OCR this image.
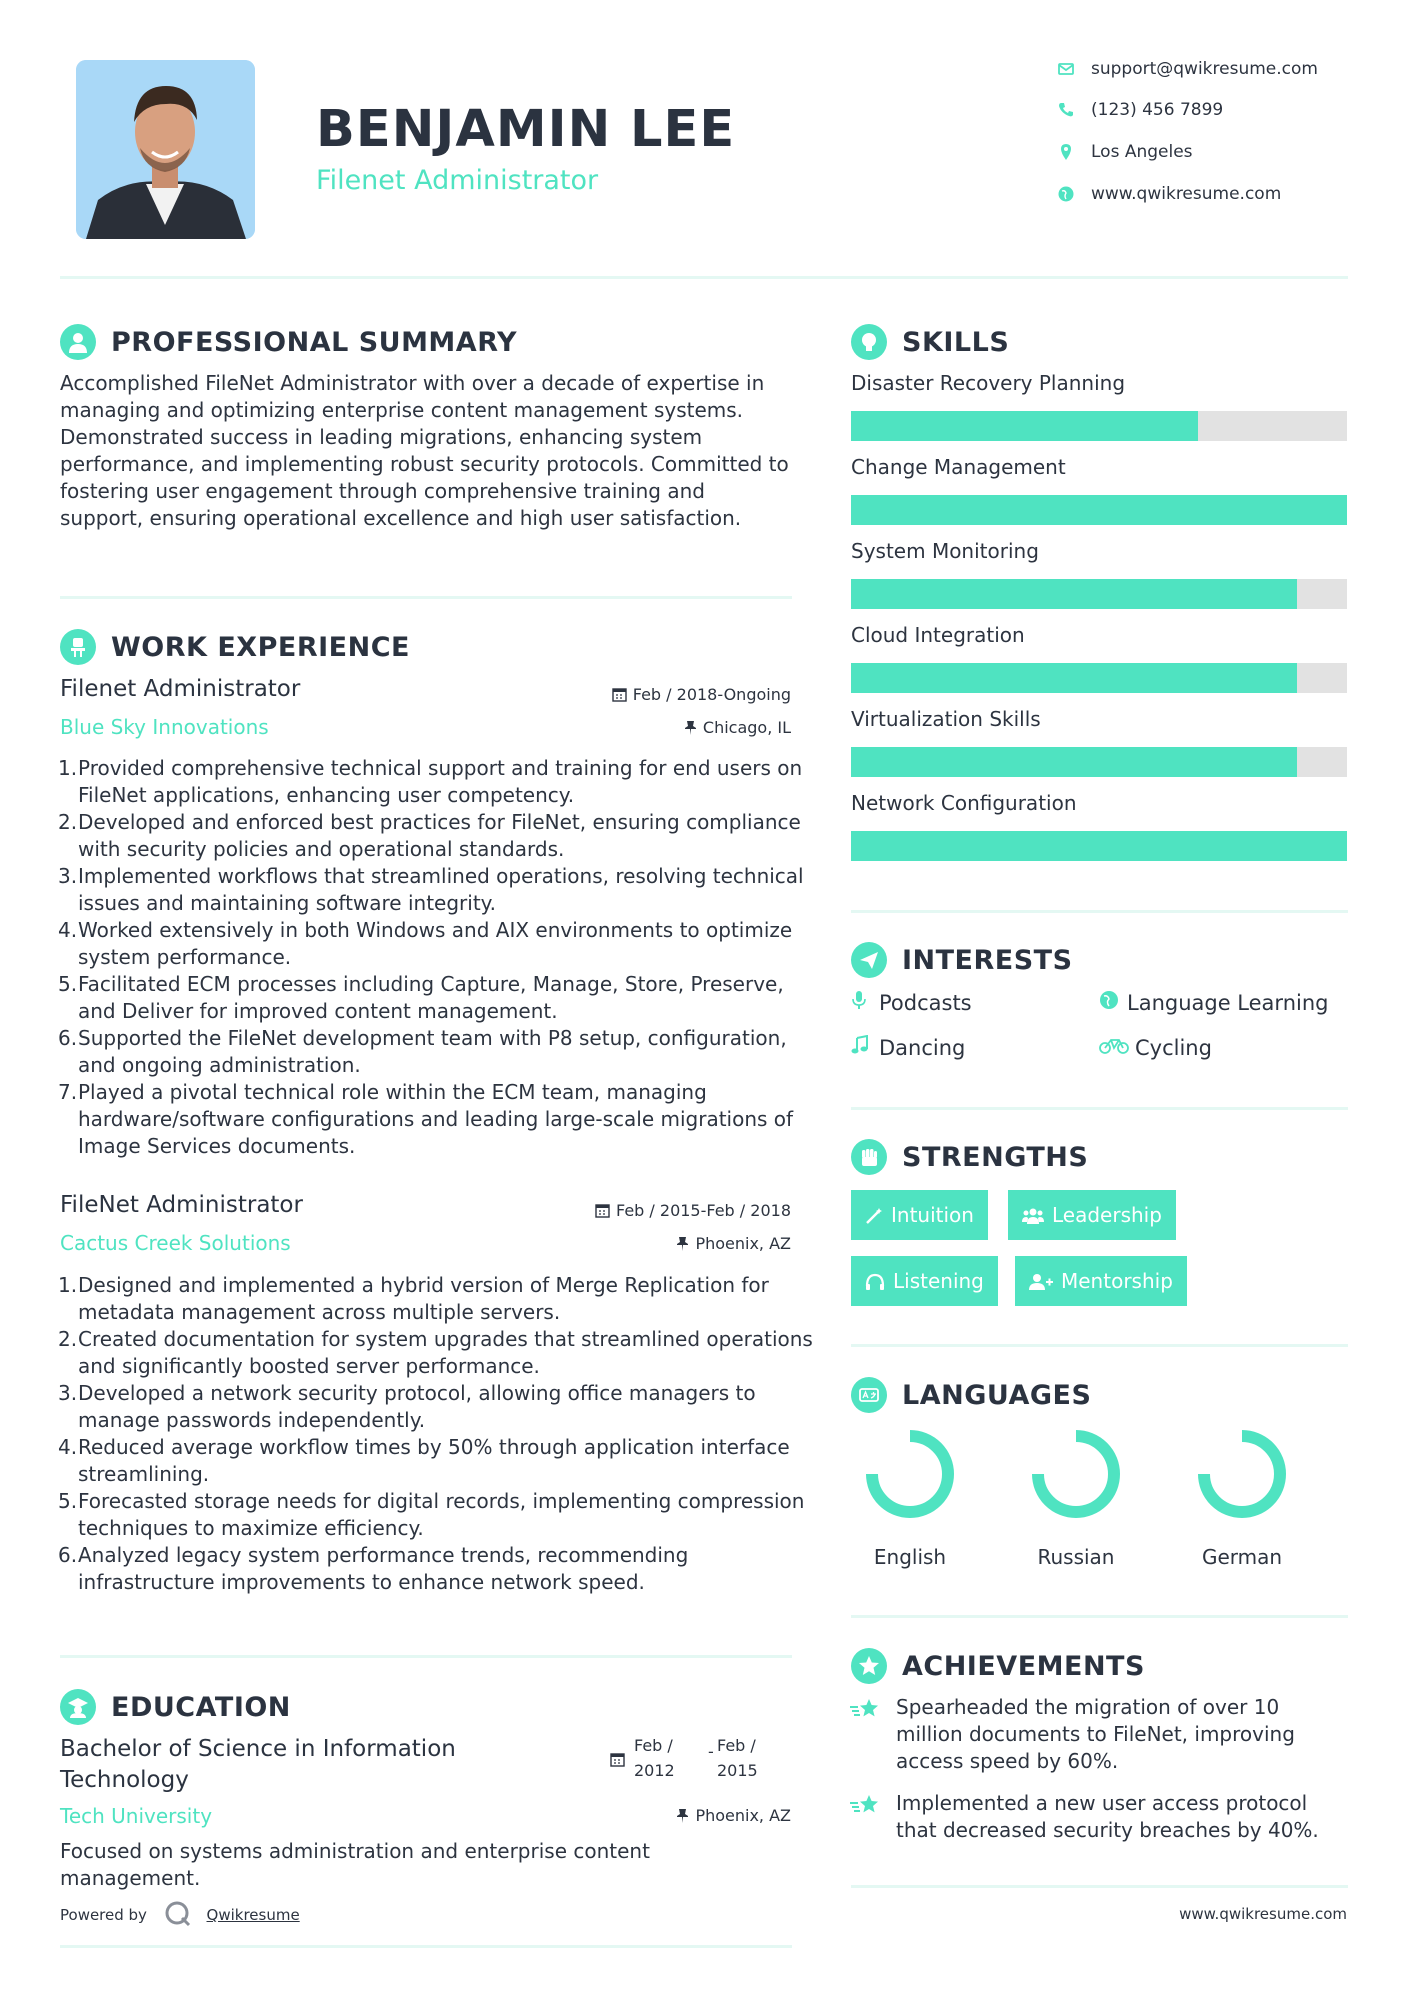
BENJAMIN LEE
Filenet Administrator
support@qwikresume.com
(123) 456 7899
Los Angeles
www.qwikresume.com
PROFESSIONAL SUMMARY
Accomplished FileNet Administrator with over a decade of expertise in managing and optimizing enterprise content management systems. Demonstrated success in leading migrations, enhancing system performance, and implementing robust security protocols. Committed to fostering user engagement through comprehensive training and support, ensuring operational excellence and high user satisfaction.
WORK EXPERIENCE
Filenet Administrator	Feb / 2018-Ongoing
Blue Sky Innovations	Chicago, IL
Provided comprehensive technical support and training for end users on FileNet applications, enhancing user competency.
Developed and enforced best practices for FileNet, ensuring compliance with security policies and operational standards.
Implemented workflows that streamlined operations, resolving technical issues and maintaining software integrity.
Worked extensively in both Windows and AIX environments to optimize system performance.
Facilitated ECM processes including Capture, Manage, Store, Preserve, and Deliver for improved content management.
Supported the FileNet development team with P8 setup, configuration, and ongoing administration.
Played a pivotal technical role within the ECM team, managing hardware/software configurations and leading large-scale migrations of Image Services documents.
FileNet Administrator	Feb / 2015-Feb / 2018
Cactus Creek Solutions	Phoenix, AZ
Designed and implemented a hybrid version of Merge Replication for metadata management across multiple servers.
Created documentation for system upgrades that streamlined operations and significantly boosted server performance.
Developed a network security protocol, allowing office managers to manage passwords independently.
Reduced average workflow times by 50% through application interface streamlining.
Forecasted storage needs for digital records, implementing compression techniques to maximize efficiency.
Analyzed legacy system performance trends, recommending infrastructure improvements to enhance network speed.
EDUCATION
Bachelor of Science in Information Technology
Feb /
2012
- Feb /
2015
Tech University	Phoenix, AZ
Focused on systems administration and enterprise content management.
Powered by	Qwikresume
SKILLS
Disaster Recovery Planning
Change Management
System Monitoring
Cloud Integration
Virtualization Skills
Network Configuration
INTERESTS
Podcasts	Language Learning
Dancing	Cycling
STRENGTHS
Intuition	Leadership
Listening	Mentorship
LANGUAGES
English	Russian	German
ACHIEVEMENTS
Spearheaded the migration of over 10 million documents to FileNet, improving access speed by 60%.
Implemented a new user access protocol that decreased security breaches by 40%.
www.qwikresume.com
